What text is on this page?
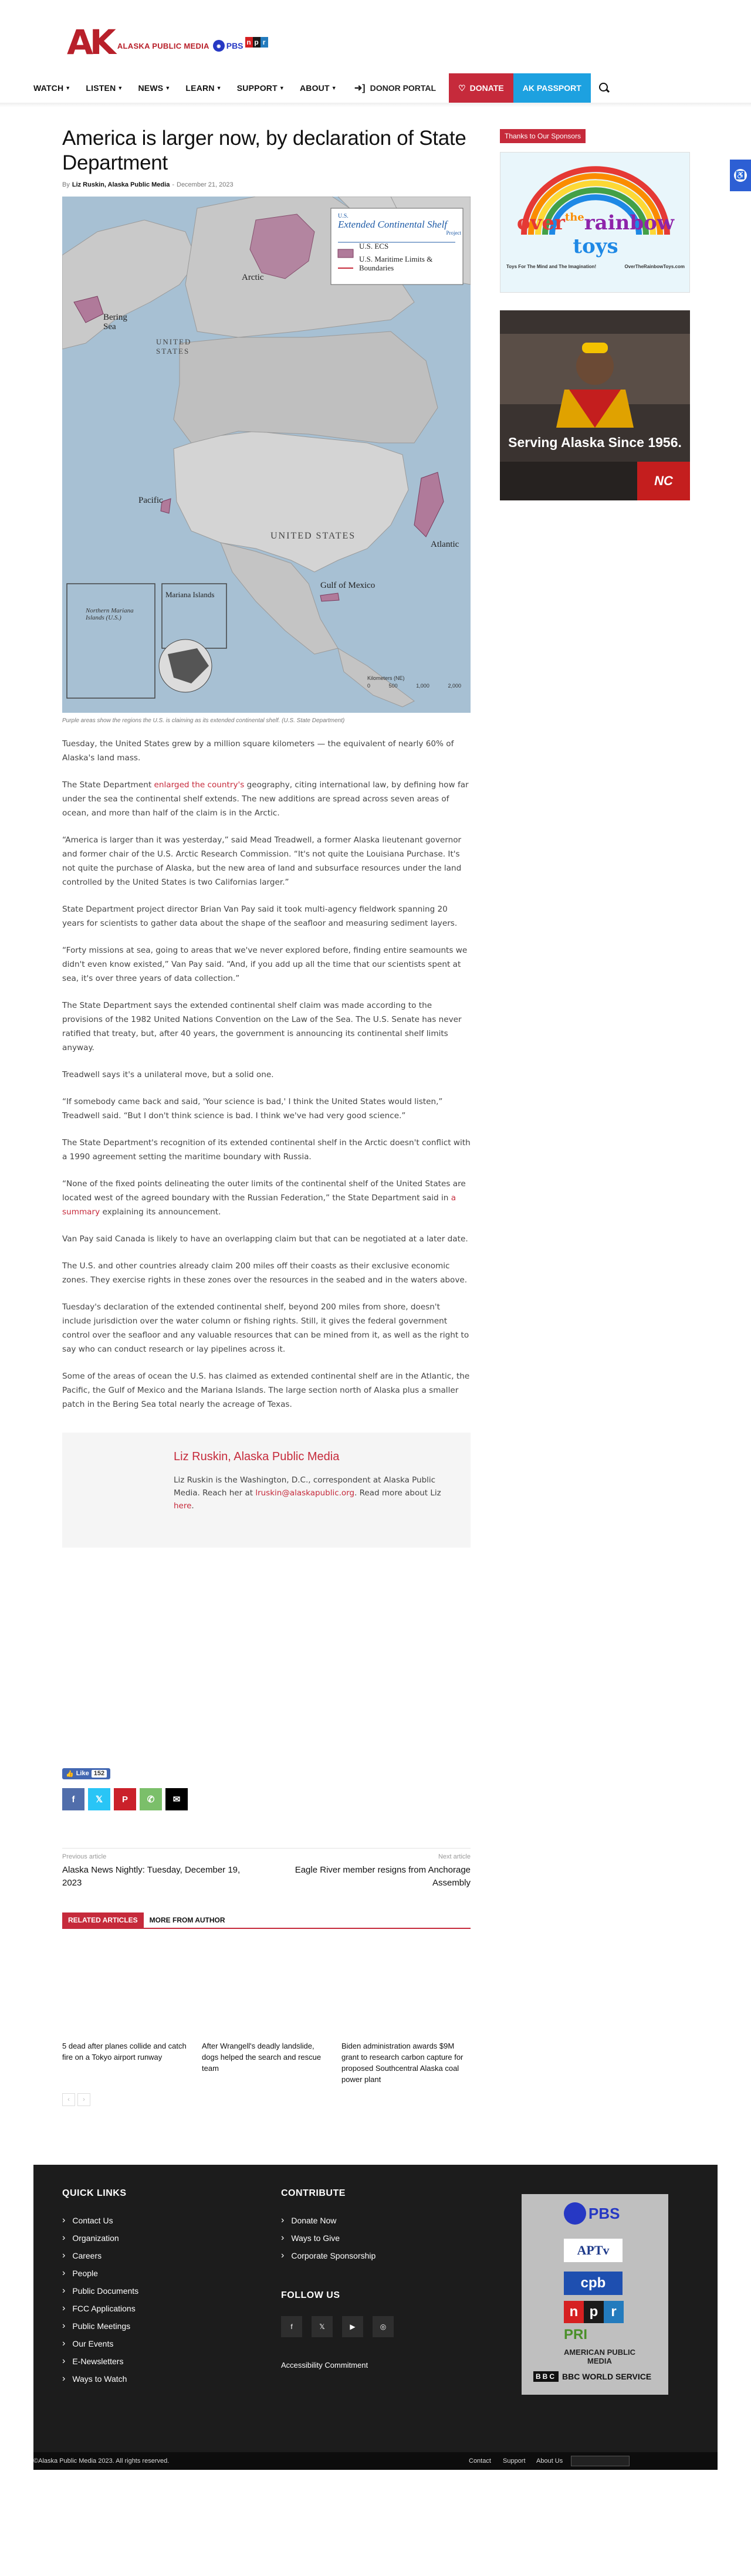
AK ALASKA PUBLIC MEDIA	◉ PBS n p r
WATCH ▼ LISTEN ▼ NEWS ▼ LEARN ▼ SUPPORT ▼ ABOUT ▼ ➜] DONOR PORTAL	♡ DONATE AK PASSPORT
America is larger now, by declaration of State Department
By Liz Ruskin, Alaska Public Media - December 21, 2023
U.S.
Extended Continental Shelf
Project
U.S. ECS
U.S. Maritime Limits & Boundaries
Arctic
Bering Sea
UNITED STATES
Pacific
UNITED STATES
Atlantic
Gulf of Mexico
Mariana Islands
Northern Mariana Islands (U.S.)
Kilometers (NE)
0	500	1,000	2,000
Purple areas show the regions the U.S. is claiming as its extended continental shelf. (U.S. State Department)

Tuesday, the United States grew by a million square kilometers — the equivalent of nearly 60% of Alaska's land mass.

The State Department enlarged the country's geography, citing international law, by defining how far under the sea the continental shelf extends. The new additions are spread across seven areas of ocean, and more than half of the claim is in the Arctic.

“America is larger than it was yesterday,” said Mead Treadwell, a former Alaska lieutenant governor and former chair of the U.S. Arctic Research Commission. “It's not quite the Louisiana Purchase. It's not quite the purchase of Alaska, but the new area of land and subsurface resources under the land controlled by the United States is two Californias larger.”

State Department project director Brian Van Pay said it took multi-agency fieldwork spanning 20 years for scientists to gather data about the shape of the seafloor and measuring sediment layers.

“Forty missions at sea, going to areas that we've never explored before, finding entire seamounts we didn't even know existed,” Van Pay said. “And, if you add up all the time that our scientists spent at sea, it's over three years of data collection.”

The State Department says the extended continental shelf claim was made according to the provisions of the 1982 United Nations Convention on the Law of the Sea. The U.S. Senate has never ratified that treaty, but, after 40 years, the government is announcing its continental shelf limits anyway.

Treadwell says it's a unilateral move, but a solid one.

“If somebody came back and said, 'Your science is bad,' I think the United States would listen,” Treadwell said. “But I don't think science is bad. I think we've had very good science.”

The State Department's recognition of its extended continental shelf in the Arctic doesn't conflict with a 1990 agreement setting the maritime boundary with Russia.

“None of the fixed points delineating the outer limits of the continental shelf of the United States are located west of the agreed boundary with the Russian Federation,” the State Department said in a summary explaining its announcement.

Van Pay said Canada is likely to have an overlapping claim but that can be negotiated at a later date.

The U.S. and other countries already claim 200 miles off their coasts as their exclusive economic zones. They exercise rights in these zones over the resources in the seabed and in the waters above.

Tuesday's declaration of the extended continental shelf, beyond 200 miles from shore, doesn't include jurisdiction over the water column or fishing rights. Still, it gives the federal government control over the seafloor and any valuable resources that can be mined from it, as well as the right to say who can conduct research or lay pipelines across it.

Some of the areas of ocean the U.S. has claimed as extended continental shelf are in the Atlantic, the Pacific, the Gulf of Mexico and the Mariana Islands. The large section north of Alaska plus a smaller patch in the Bering Sea total nearly the acreage of Texas.

Liz Ruskin, Alaska Public Media
Liz Ruskin is the Washington, D.C., correspondent at Alaska Public Media. Reach her at lruskin@alaskapublic.org. Read more about Liz here.
👍 Like 152
f	𝕏	P	✆	✉
Previous article
Alaska News Nightly: Tuesday, December 19, 2023
Next article
Eagle River member resigns from Anchorage Assembly
RELATED ARTICLES	MORE FROM AUTHOR
5 dead after planes collide and catch fire on a Tokyo airport runway
After Wrangell's deadly landslide, dogs helped the search and rescue team
Biden administration awards $9M grant to research carbon capture for proposed Southcentral Alaska coal power plant
‹	›
Thanks to Our Sponsors
overtherainbow toys
Toys For The Mind and The Imagination!	OverTheRainbowToys.com
Serving Alaska Since 1956.
NC
♿
QUICK LINKS
› Contact Us
› Organization
› Careers
› People
› Public Documents
› FCC Applications
› Public Meetings
› Our Events
› E-Newsletters
› Ways to Watch
CONTRIBUTE
› Donate Now
› Ways to Give
› Corporate Sponsorship
FOLLOW US
f	𝕏	▶	◎
Accessibility Commitment
PBS
APTv
cpb
n p r
PRI
AMERICAN PUBLIC MEDIA
BBC BBC WORLD SERVICE
©Alaska Public Media 2023. All rights reserved.	Contact Support About Us
